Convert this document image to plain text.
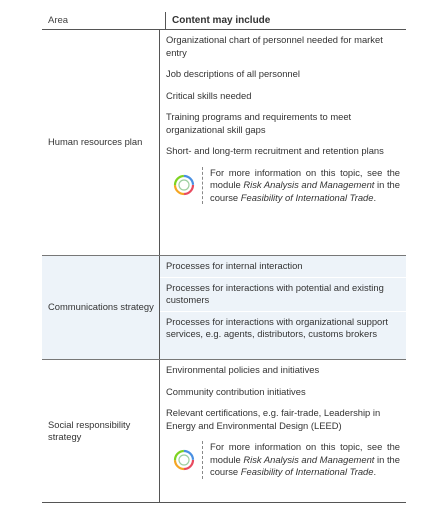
Area	Content may include
Human resources plan
Organizational chart of personnel needed for market entry
Job descriptions of all personnel
Critical skills needed
Training programs and requirements to meet organizational skill gaps
Short- and long-term recruitment and retention plans
For more information on this topic, see the module Risk Analysis and Management in the course Feasibility of International Trade.
Communications strategy
Processes for internal interaction
Processes for interactions with potential and existing customers
Processes for interactions with organizational support services, e.g. agents, distributors, customs brokers
Social responsibility strategy
Environmental policies and initiatives
Community contribution initiatives
Relevant certifications, e.g. fair-trade, Leadership in Energy and Environmental Design (LEED)
For more information on this topic, see the module Risk Analysis and Management in the course Feasibility of International Trade.
